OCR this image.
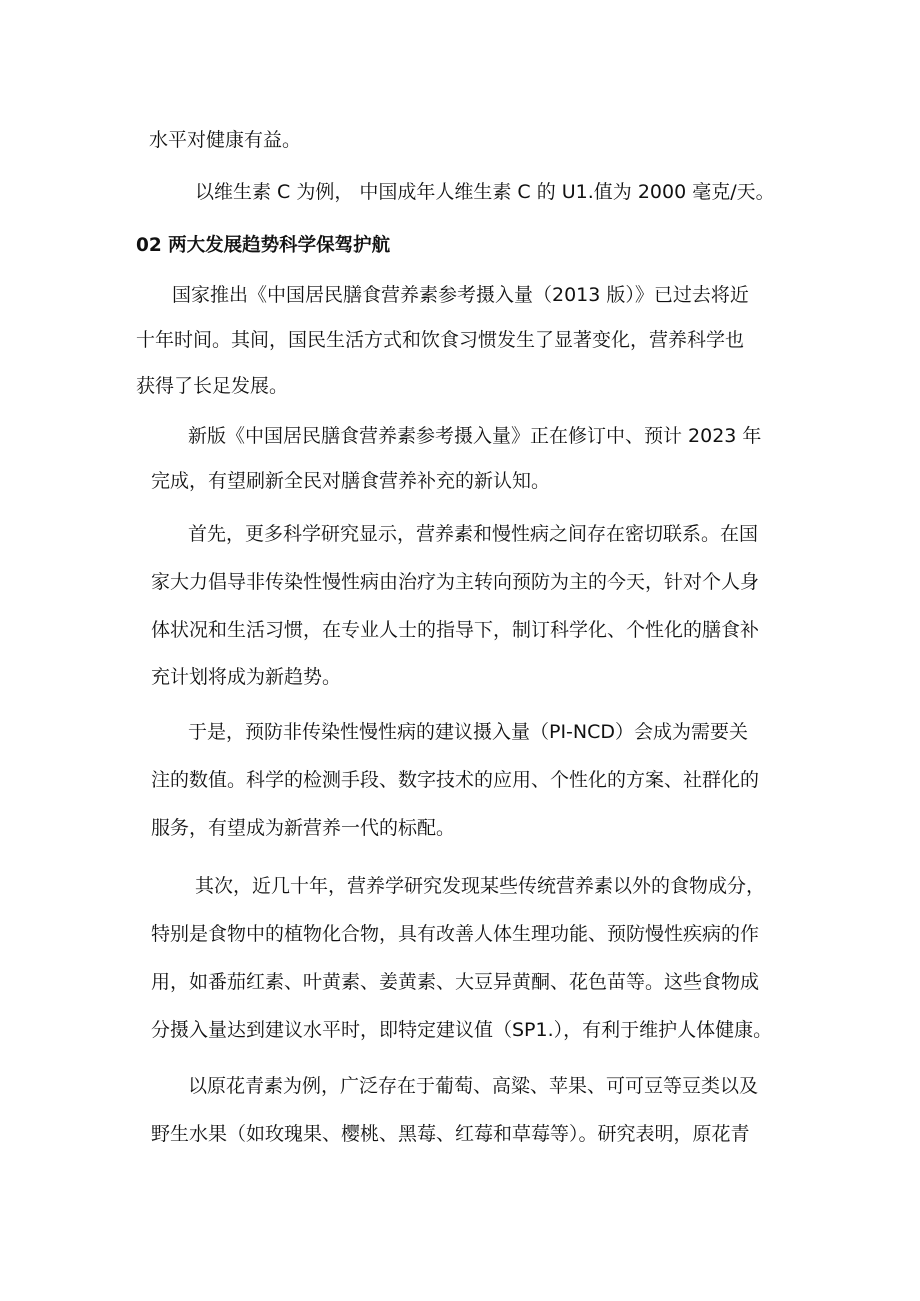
水平对健康有益。
以维生素 C 为例， 中国成年人维生素 C 的 U1.值为 2000 毫克/天。
02 两大发展趋势科学保驾护航
国家推出《中国居民膳食营养素参考摄入量（2013 版）》已过去将近
十年时间。其间，国民生活方式和饮食习惯发生了显著变化，营养科学也
获得了长足发展。
新版《中国居民膳食营养素参考摄入量》正在修订中、预计 2023 年
完成，有望刷新全民对膳食营养补充的新认知。
首先，更多科学研究显示，营养素和慢性病之间存在密切联系。在国
家大力倡导非传染性慢性病由治疗为主转向预防为主的今天，针对个人身
体状况和生活习惯，在专业人士的指导下，制订科学化、个性化的膳食补
充计划将成为新趋势。
于是，预防非传染性慢性病的建议摄入量（PI-NCD）会成为需要关
注的数值。科学的检测手段、数字技术的应用、个性化的方案、社群化的
服务，有望成为新营养一代的标配。
其次，近几十年，营养学研究发现某些传统营养素以外的食物成分，
特别是食物中的植物化合物，具有改善人体生理功能、预防慢性疾病的作
用，如番茄红素、叶黄素、姜黄素、大豆异黄酮、花色苗等。这些食物成
分摄入量达到建议水平时，即特定建议值（SP1.），有利于维护人体健康。
以原花青素为例，广泛存在于葡萄、高粱、苹果、可可豆等豆类以及
野生水果（如玫瑰果、樱桃、黑莓、红莓和草莓等）。研究表明，原花青
